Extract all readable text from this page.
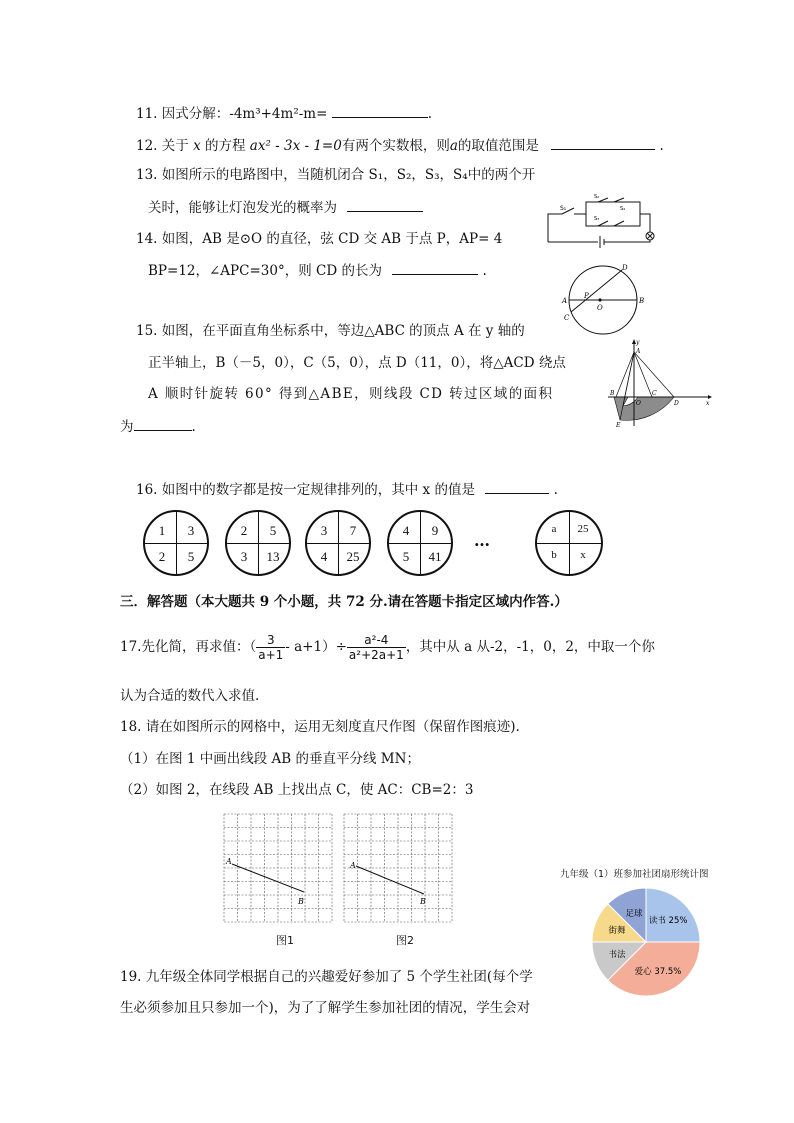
11. 因式分解：-4m³+4m²-m=	.
12. 关于 x 的方程 ax² - 3x - 1=0有两个实数根，则a的取值范围是	.
13. 如图所示的电路图中，当随机闭合 S₁，S₂，S₃，S₄中的两个开
关时，能够让灯泡发光的概率为	S₁
S₂
S₃
S₄
14. 如图，AB 是⊙O 的直径，弦 CD 交 AB 于点 P，AP= 4
BP=12，∠APC=30°，则 CD 的长为	.
A	B
C
D
P
O
15. 如图，在平面直角坐标系中，等边△ABC 的顶点 A 在 y 轴的
正半轴上，B（－5，0），C（5，0），点 D（11，0），将△ACD 绕点
A 顺时针旋转 60° 得到△ABE，则线段 CD 转过区域的面积
为	.
y
x
A
B	C
D
E
O
16. 如图中的数字都是按一定规律排列的，其中 x 的值是	.
1	3
2	5
2	5
3	13
3	7
4	25
4	9
5	41
…
a	25
b	x
三．解答题（本大题共 9 个小题，共 72 分.请在答题卡指定区域内作答.）
17.先化简，再求值：（ $\frac{3}{a+1} - a+1)\div \frac{\text{a²-4}}{\text{a²+2a+1}}$ ，其中从 a 从-2，-1，0，2，中取一个你
认为合适的数代入求值.
18. 请在如图所示的网格中，运用无刻度直尺作图（保留作图痕迹).
（1）在图 1 中画出线段 AB 的垂直平分线 MN；
（2）如图 2，在线段 AB 上找出点 C，使 AC：CB=2：3
A
B
图1
A
B
图2
九年级（1）班参加社团扇形统计图
读书 25%
爱心 37.5%
书法
街舞
足球
19. 九年级全体同学根据自己的兴趣爱好参加了 5 个学生社团(每个学
生必须参加且只参加一个)，为了了解学生参加社团的情况，学生会对
